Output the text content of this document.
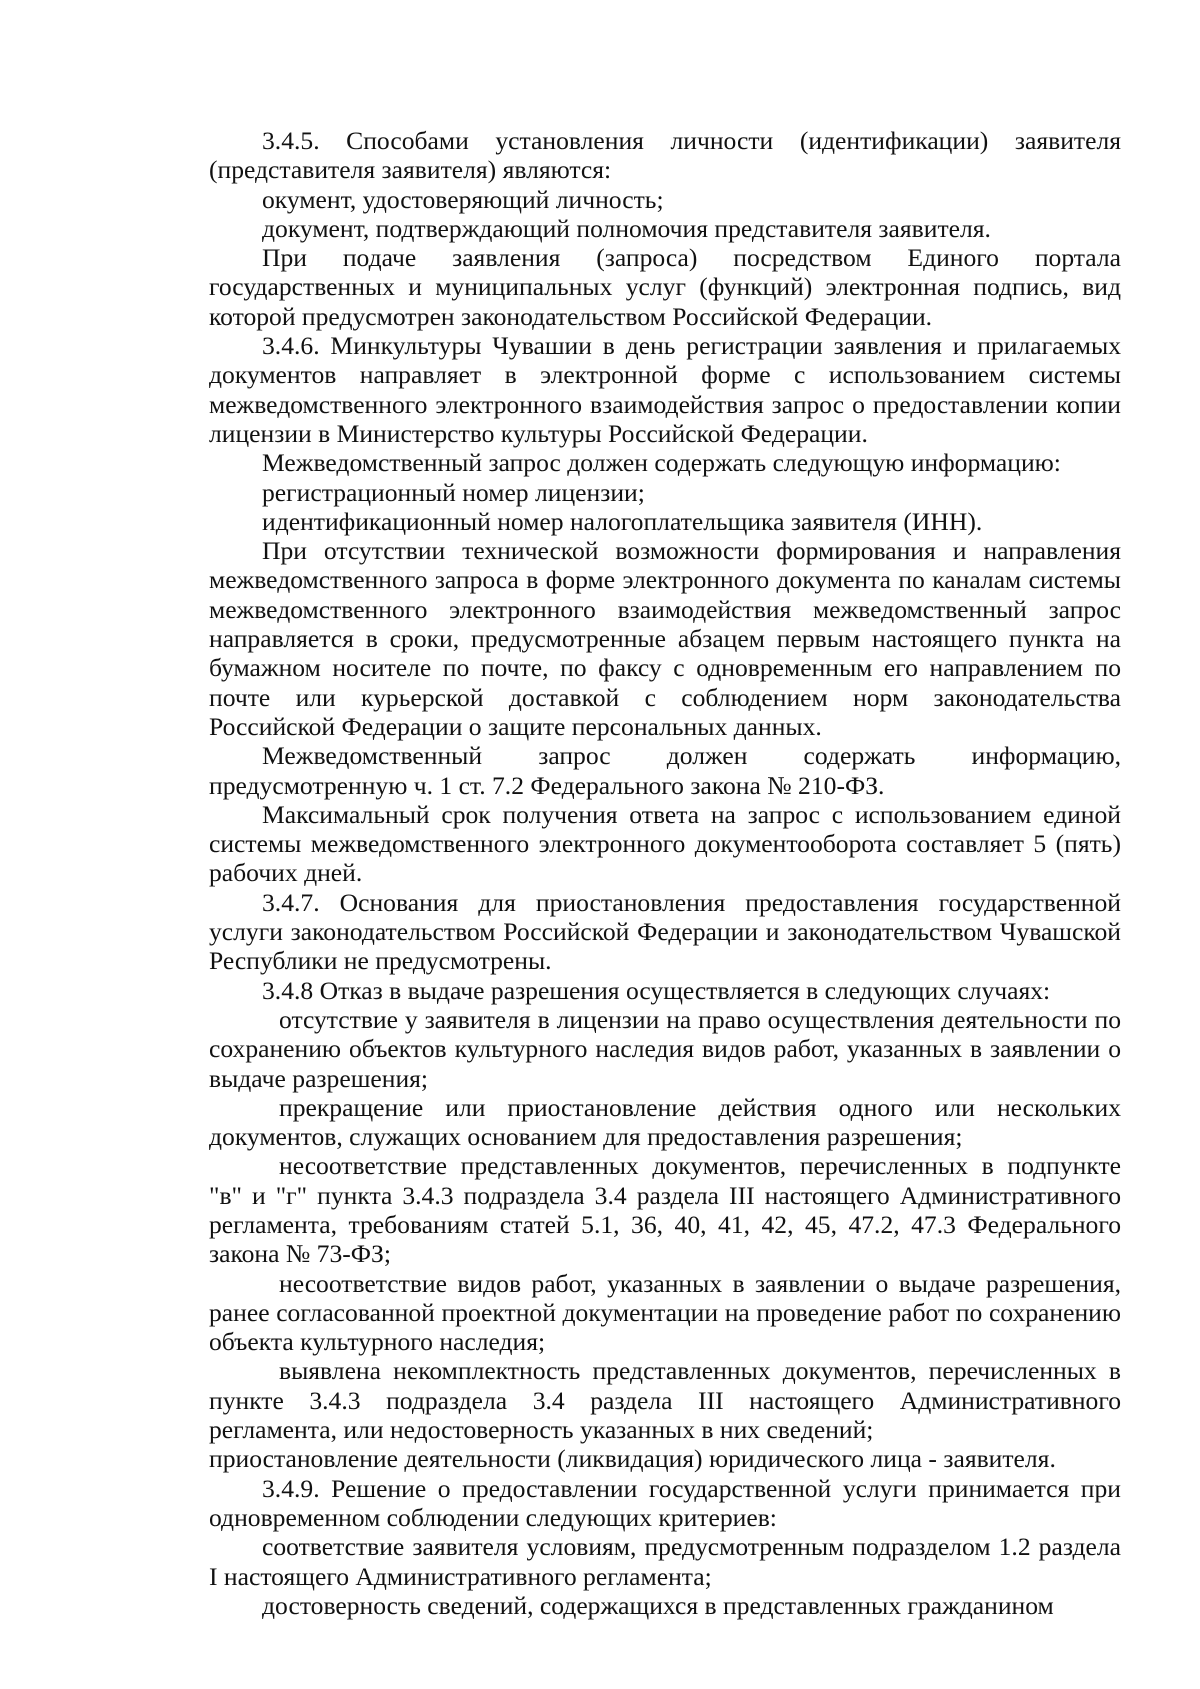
3.4.5. Способами установления личности (идентификации) заявителя (представителя заявителя) являются:

окумент, удостоверяющий личность;

документ, подтверждающий полномочия представителя заявителя.

При подаче заявления (запроса) посредством Единого портала государственных и муниципальных услуг (функций) электронная подпись, вид которой предусмотрен законодательством Российской Федерации.

3.4.6. Минкультуры Чувашии в день регистрации заявления и прилагаемых документов направляет в электронной форме с использованием системы межведомственного электронного взаимодействия запрос о предоставлении копии лицензии в Министерство культуры Российской Федерации.

Межведомственный запрос должен содержать следующую информацию:

регистрационный номер лицензии;

идентификационный номер налогоплательщика заявителя (ИНН).

При отсутствии технической возможности формирования и направления межведомственного запроса в форме электронного документа по каналам системы межведомственного электронного взаимодействия межведомственный запрос направляется в сроки, предусмотренные абзацем первым настоящего пункта на бумажном носителе по почте, по факсу с одновременным его направлением по почте или курьерской доставкой с соблюдением норм законодательства Российской Федерации о защите персональных данных.

Межведомственный запрос должен содержать информацию, предусмотренную ч. 1 ст. 7.2 Федерального закона № 210-ФЗ.

Максимальный срок получения ответа на запрос с использованием единой системы межведомственного электронного документооборота составляет 5 (пять) рабочих дней.

3.4.7. Основания для приостановления предоставления государственной услуги законодательством Российской Федерации и законодательством Чувашской Республики не предусмотрены.

3.4.8 Отказ в выдаче разрешения осуществляется в следующих случаях:

отсутствие у заявителя в лицензии на право осуществления деятельности по сохранению объектов культурного наследия видов работ, указанных в заявлении о выдаче разрешения;

прекращение или приостановление действия одного или нескольких документов, служащих основанием для предоставления разрешения;

несоответствие представленных документов, перечисленных в подпункте "в" и "г" пункта 3.4.3 подраздела 3.4 раздела III настоящего Административного регламента, требованиям статей 5.1, 36, 40, 41, 42, 45, 47.2, 47.3 Федерального закона № 73-ФЗ;

несоответствие видов работ, указанных в заявлении о выдаче разрешения, ранее согласованной проектной документации на проведение работ по сохранению объекта культурного наследия;

выявлена некомплектность представленных документов, перечисленных в пункте 3.4.3 подраздела 3.4 раздела III настоящего Административного регламента, или недостоверность указанных в них сведений;

приостановление деятельности (ликвидация) юридического лица - заявителя.

3.4.9. Решение о предоставлении государственной услуги принимается при одновременном соблюдении следующих критериев:

соответствие заявителя условиям, предусмотренным подразделом 1.2 раздела I настоящего Административного регламента;

достоверность сведений, содержащихся в представленных гражданином
